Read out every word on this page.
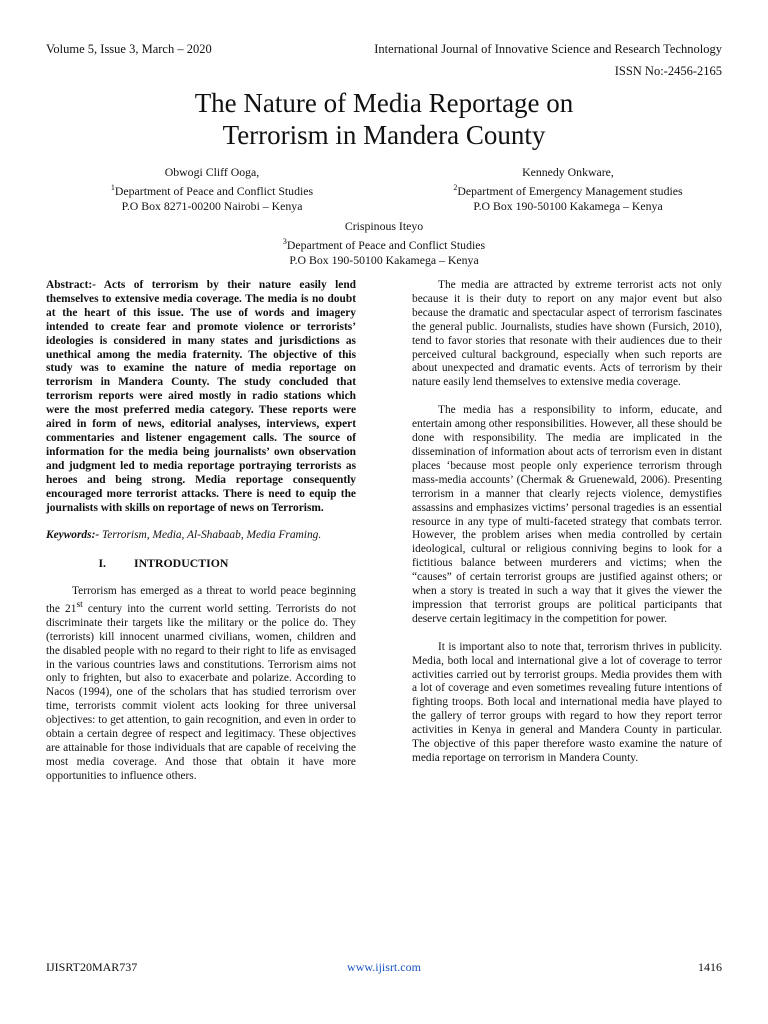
Volume 5, Issue 3, March – 2020	International Journal of Innovative Science and Research Technology
ISSN No:-2456-2165
The Nature of Media Reportage on
Terrorism in Mandera County
Obwogi Cliff Ooga,
$^1$Department of Peace and Conflict Studies
P.O Box 8271-00200 Nairobi – Kenya
Kennedy Onkware,
$^2$Department of Emergency Management studies
P.O Box 190-50100 Kakamega – Kenya
Crispinous Iteyo
$^3$Department of Peace and Conflict Studies
P.O Box 190-50100 Kakamega – Kenya

Abstract:- Acts of terrorism by their nature easily lend themselves to extensive media coverage. The media is no doubt at the heart of this issue. The use of words and imagery intended to create fear and promote violence or terrorists’ ideologies is considered in many states and jurisdictions as unethical among the media fraternity. The objective of this study was to examine the nature of media reportage on terrorism in Mandera County. The study concluded that terrorism reports were aired mostly in radio stations which were the most preferred media category. These reports were aired in form of news, editorial analyses, interviews, expert commentaries and listener engagement calls. The source of information for the media being journalists’ own observation and judgment led to media reportage portraying terrorists as heroes and being strong. Media reportage consequently encouraged more terrorist attacks. There is need to equip the journalists with skills on reportage of news on Terrorism.

Keywords:- Terrorism, Media, Al-Shabaab, Media Framing.

I. INTRODUCTION

Terrorism has emerged as a threat to world peace beginning the 21st century into the current world setting. Terrorists do not discriminate their targets like the military or the police do. They (terrorists) kill innocent unarmed civilians, women, children and the disabled people with no regard to their right to life as envisaged in the various countries laws and constitutions. Terrorism aims not only to frighten, but also to exacerbate and polarize. According to Nacos (1994), one of the scholars that has studied terrorism over time, terrorists commit violent acts looking for three universal objectives: to get attention, to gain recognition, and even in order to obtain a certain degree of respect and legitimacy. These objectives are attainable for those individuals that are capable of receiving the most media coverage. And those that obtain it have more opportunities to influence others.

The media are attracted by extreme terrorist acts not only because it is their duty to report on any major event but also because the dramatic and spectacular aspect of terrorism fascinates the general public. Journalists, studies have shown (Fursich, 2010), tend to favor stories that resonate with their audiences due to their perceived cultural background, especially when such reports are about unexpected and dramatic events. Acts of terrorism by their nature easily lend themselves to extensive media coverage.

The media has a responsibility to inform, educate, and entertain among other responsibilities. However, all these should be done with responsibility. The media are implicated in the dissemination of information about acts of terrorism even in distant places ‘because most people only experience terrorism through mass-media accounts’ (Chermak & Gruenewald, 2006). Presenting terrorism in a manner that clearly rejects violence, demystifies assassins and emphasizes victims’ personal tragedies is an essential resource in any type of multi-faceted strategy that combats terror. However, the problem arises when media controlled by certain ideological, cultural or religious conniving begins to look for a fictitious balance between murderers and victims; when the “causes” of certain terrorist groups are justified against others; or when a story is treated in such a way that it gives the viewer the impression that terrorist groups are political participants that deserve certain legitimacy in the competition for power.

It is important also to note that, terrorism thrives in publicity. Media, both local and international give a lot of coverage to terror activities carried out by terrorist groups. Media provides them with a lot of coverage and even sometimes revealing future intentions of fighting troops. Both local and international media have played to the gallery of terror groups with regard to how they report terror activities in Kenya in general and Mandera County in particular. The objective of this paper therefore wasto examine the nature of media reportage on terrorism in Mandera County.

IJISRT20MAR737	www.ijisrt.com	1416
